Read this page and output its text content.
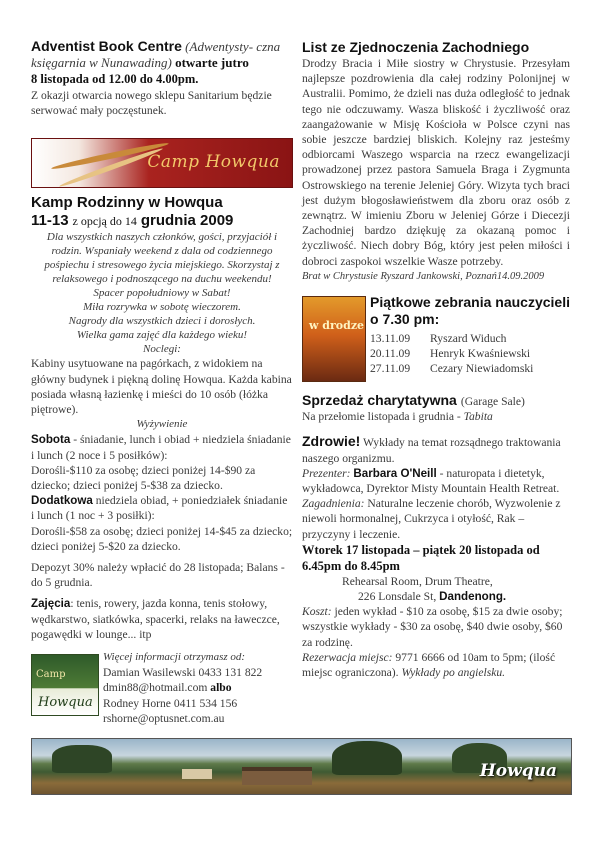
Adventist Book Centre (Adwentysty- czna księgarnia w Nunawading) otwarte jutro

8 listopada od 12.00 do 4.00pm.

Z okazji otwarcia nowego sklepu Sanitarium będzie serwować mały poczęstunek.

Camp Howqua

Kamp Rodzinny w Howqua

11-13 z opcją do 14 grudnia 2009

Dla wszystkich naszych członków, gości, przyjaciół i rodzin. Wspaniały weekend z dala od codziennego pośpiechu i stresowego życia miejskiego. Skorzystaj z relaksowego i podnoszącego na duchu weekendu!

Spacer popołudniowy w Sabat!

Miła rozrywka w sobotę wieczorem.

Nagrody dla wszystkich dzieci i dorosłych.

Wielka gama zajęć dla każdego wieku!

Noclegi:

Kabiny usytuowane na pagórkach, z widokiem na główny budynek i piękną dolinę Howqua. Każda kabina posiada własną łazienkę i mieści do 10 osób (łóżka piętrowe).

Wyżywienie

Sobota - śniadanie, lunch i obiad + niedziela śniadanie i lunch (2 noce i 5 posiłków):

Dorośli-$110 za osobę; dzieci poniżej 14-$90 za dziecko; dzieci poniżej 5-$38 za dziecko.

Dodatkowa niedziela obiad, + poniedziałek śniadanie i lunch (1 noc + 3 posiłki):

Dorośli-$58 za osobę; dzieci poniżej 14-$45 za dziecko; dzieci poniżej 5-$20 za dziecko.

Depozyt 30% należy wpłacić do 28 listopada; Balans - do 5 grudnia.

Zajęcia: tenis, rowery, jazda konna, tenis stołowy, wędkarstwo, siatkówka, spacerki, relaks na ławeczce, pogawędki w lounge... itp

Camp
Howqua

Więcej informacji otrzymasz od:

Damian Wasilewski 0433 131 822

dmin88@hotmail.com albo

Rodney Horne 0411 534 156

rshorne@optusnet.com.au

List ze Zjednoczenia Zachodniego

Drodzy Bracia i Miłe siostry w Chrystusie. Przesyłam najlepsze pozdrowienia dla całej rodziny Polonijnej w Australii. Pomimo, że dzieli nas duża odległość to jednak tego nie odczuwamy. Wasza bliskość i życzliwość oraz zaangażowanie w Misję Kościoła w Polsce czyni nas sobie jeszcze bardziej bliskich. Kolejny raz jesteśmy odbiorcami Waszego wsparcia na rzecz ewangelizacji prowadzonej przez pastora Samuela Braga i Zygmunta Ostrowskiego na terenie Jeleniej Góry. Wizyta tych braci jest dużym błogosławieństwem dla zboru oraz osób z zewnątrz. W imieniu Zboru w Jeleniej Górze i Diecezji Zachodniej bardzo dziękuję za okazaną pomoc i życzliwość. Niech dobry Bóg, który jest pełen miłości i dobroci zaspokoi wszelkie Wasze potrzeby.

Brat w Chrystusie Ryszard Jankowski, Poznań14.09.2009

w drodze

Piątkowe zebrania nauczycieli o 7.30 pm:

13.11.09 Ryszard Widuch
20.11.09 Henryk Kwaśniewski
27.11.09 Cezary Niewiadomski

Sprzedaż charytatywna (Garage Sale)

Na przełomie listopada i grudnia - Tabita

Zdrowie! Wykłady na temat rozsądnego traktowania naszego organizmu.

Prezenter: Barbara O'Neill - naturopata i dietetyk, wykładowca, Dyrektor Misty Mountain Health Retreat.

Zagadnienia: Naturalne leczenie chorób, Wyzwolenie z niewoli hormonalnej, Cukrzyca i otyłość, Rak – przyczyny i leczenie.

Wtorek 17 listopada – piątek 20 listopada od 6.45pm do 8.45pm

Rehearsal Room, Drum Theatre,

226 Lonsdale St, Dandenong.

Koszt: jeden wykład - $10 za osobę, $15 za dwie osoby; wszystkie wykłady - $30 za osobę, $40 dwie osoby, $60 za rodzinę.

Rezerwacja miejsc: 9771 6666 od 10am to 5pm; (ilość miejsc ograniczona). Wykłady po angielsku.

Howqua
